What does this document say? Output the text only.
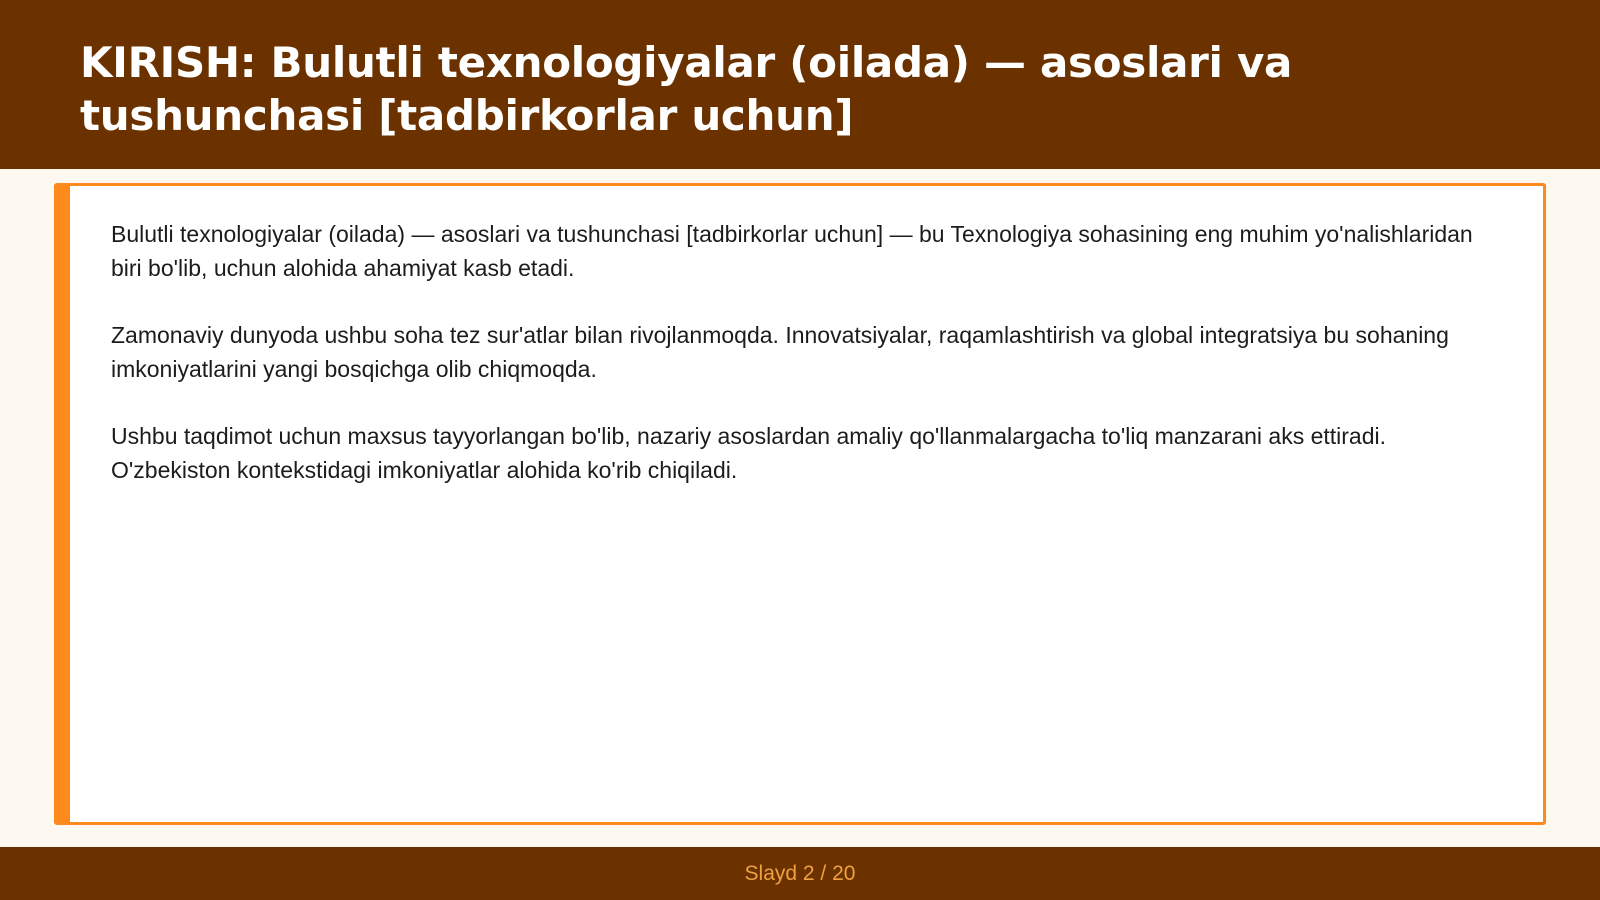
KIRISH: Bulutli texnologiyalar (oilada) — asoslari va tushunchasi [tadbirkorlar uchun]

Bulutli texnologiyalar (oilada) — asoslari va tushunchasi [tadbirkorlar uchun] — bu Texnologiya sohasining eng muhim yo'nalishlaridan biri bo'lib, uchun alohida ahamiyat kasb etadi.

Zamonaviy dunyoda ushbu soha tez sur'atlar bilan rivojlanmoqda. Innovatsiyalar, raqamlashtirish va global integratsiya bu sohaning imkoniyatlarini yangi bosqichga olib chiqmoqda.

Ushbu taqdimot uchun maxsus tayyorlangan bo'lib, nazariy asoslardan amaliy qo'llanmalargacha to'liq manzarani aks ettiradi. O'zbekiston kontekstidagi imkoniyatlar alohida ko'rib chiqiladi.

Slayd 2 / 20
